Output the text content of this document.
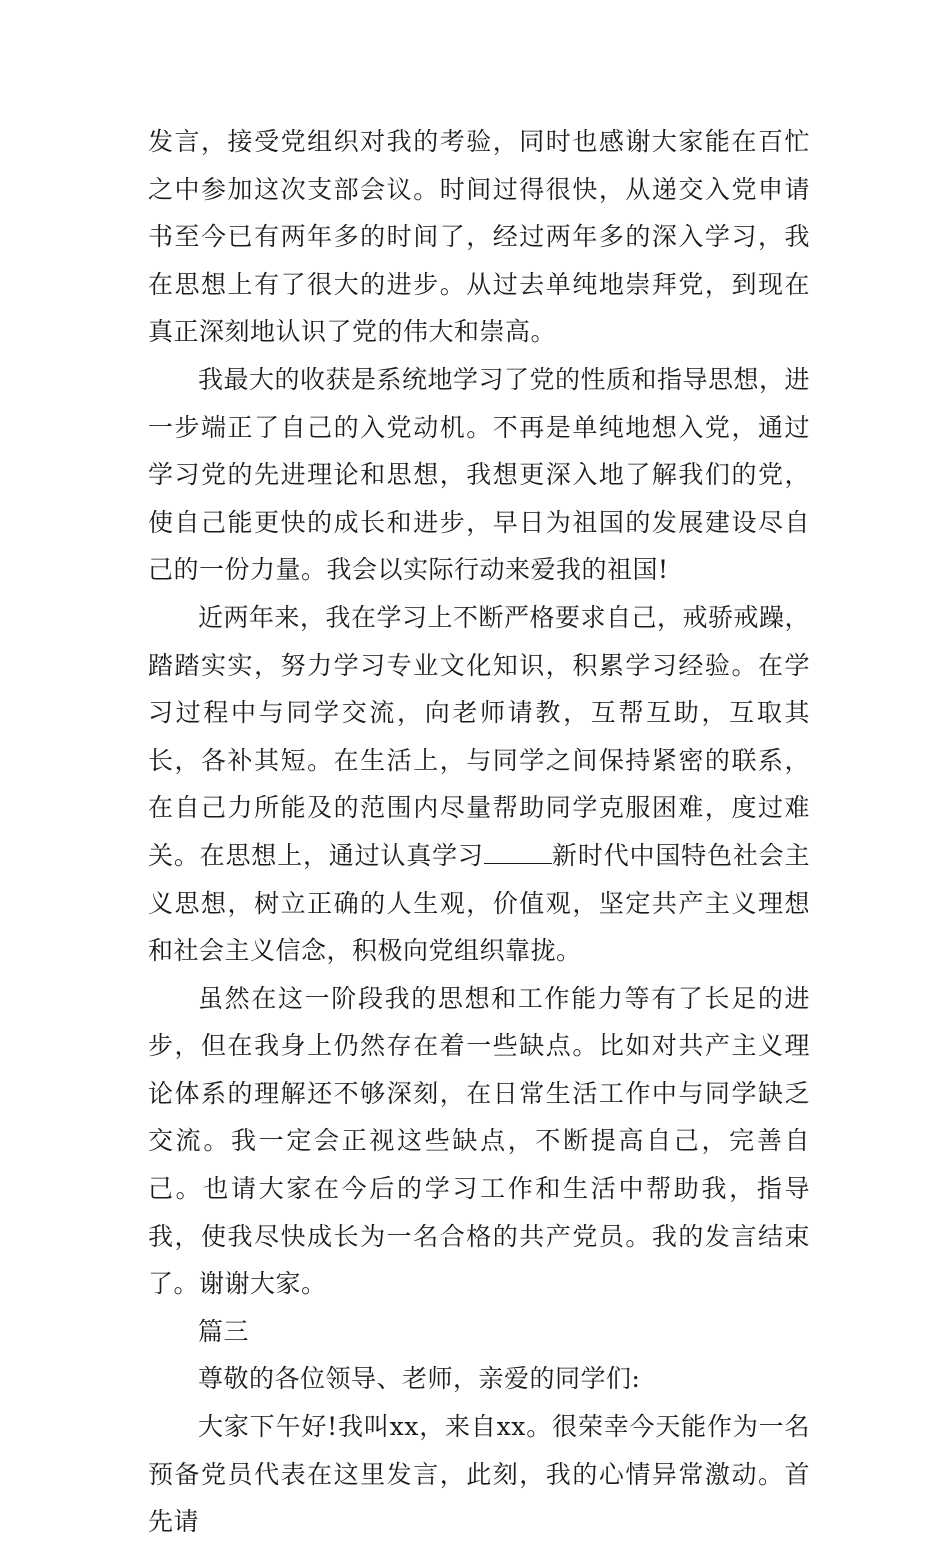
发言，接受党组织对我的考验，同时也感谢大家能在百忙之中参加这次支部会议。时间过得很快，从递交入党申请书至今已有两年多的时间了，经过两年多的深入学习，我在思想上有了很大的进步。从过去单纯地崇拜党，到现在真正深刻地认识了党的伟大和崇高。

我最大的收获是系统地学习了党的性质和指导思想，进一步端正了自己的入党动机。不再是单纯地想入党，通过学习党的先进理论和思想，我想更深入地了解我们的党，使自己能更快的成长和进步，早日为祖国的发展建设尽自己的一份力量。我会以实际行动来爱我的祖国!

近两年来，我在学习上不断严格要求自己，戒骄戒躁，踏踏实实，努力学习专业文化知识，积累学习经验。在学习过程中与同学交流，向老师请教，互帮互助，互取其长，各补其短。在生活上，与同学之间保持紧密的联系，在自己力所能及的范围内尽量帮助同学克服困难，度过难关。在思想上，通过认真学习	新时代中国特色社会主义思想，树立正确的人生观，价值观，坚定共产主义理想和社会主义信念，积极向党组织靠拢。

虽然在这一阶段我的思想和工作能力等有了长足的进步，但在我身上仍然存在着一些缺点。比如对共产主义理论体系的理解还不够深刻，在日常生活工作中与同学缺乏交流。我一定会正视这些缺点，不断提高自己，完善自己。也请大家在今后的学习工作和生活中帮助我，指导我，使我尽快成长为一名合格的共产党员。我的发言结束了。谢谢大家。

篇三

尊敬的各位领导、老师，亲爱的同学们:

大家下午好!我叫xx，来自xx。很荣幸今天能作为一名预备党员代表在这里发言，此刻，我的心情异常激动。首先请
